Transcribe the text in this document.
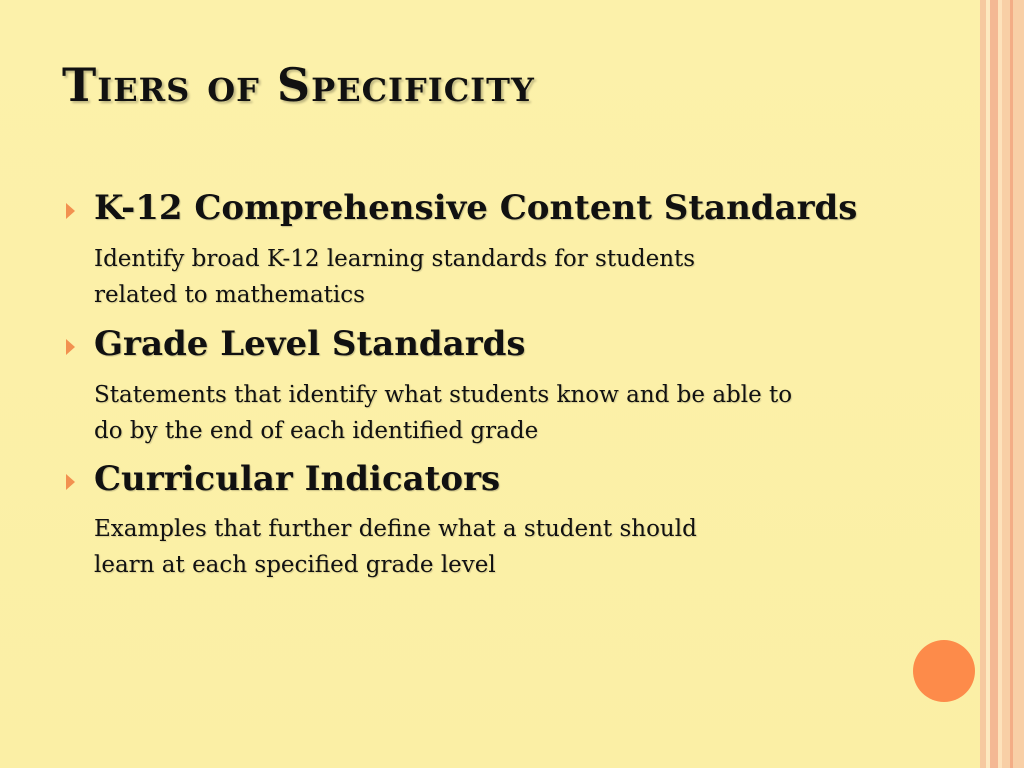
Tiers of Specificity
K-12 Comprehensive Content Standards
Identify broad K-12 learning standards for students
related to mathematics
Grade Level Standards
Statements that identify what students know and be able to
do by the end of each identified grade
Curricular Indicators
Examples that further define what a student should
learn at each specified grade level
